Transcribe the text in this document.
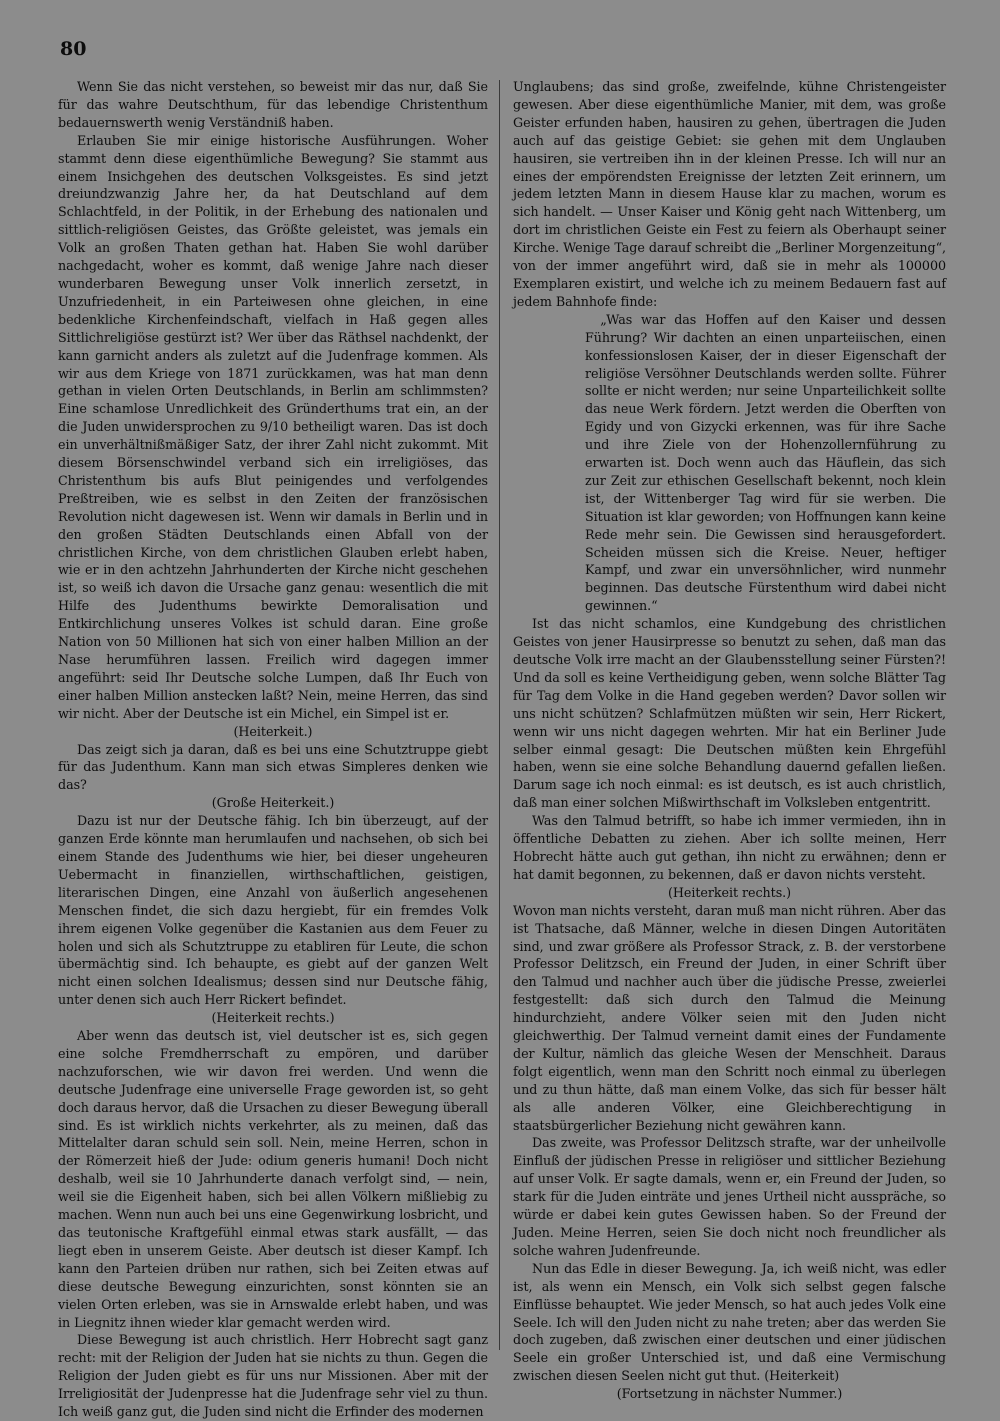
80

Wenn Sie das nicht verstehen, so beweist mir das nur, daß Sie für das wahre Deutschthum, für das lebendige Christenthum bedauernswerth wenig Verständniß haben.

Erlauben Sie mir einige historische Ausführungen. Woher stammt denn diese eigenthümliche Bewegung? Sie stammt aus einem Insichgehen des deutschen Volksgeistes. Es sind jetzt dreiundzwanzig Jahre her, da hat Deutschland auf dem Schlachtfeld, in der Politik, in der Erhebung des nationalen und sittlich-religiösen Geistes, das Größte geleistet, was jemals ein Volk an großen Thaten gethan hat. Haben Sie wohl darüber nachgedacht, woher es kommt, daß wenige Jahre nach dieser wunderbaren Bewegung unser Volk innerlich zersetzt, in Unzufriedenheit, in ein Parteiwesen ohne gleichen, in eine bedenkliche Kirchenfeindschaft, vielfach in Haß gegen alles Sittlichreligiöse gestürzt ist? Wer über das Räthsel nachdenkt, der kann garnicht anders als zuletzt auf die Judenfrage kommen. Als wir aus dem Kriege von 1871 zurückkamen, was hat man denn gethan in vielen Orten Deutschlands, in Berlin am schlimmsten? Eine schamlose Unredlichkeit des Gründerthums trat ein, an der die Juden unwidersprochen zu 9/10 betheiligt waren. Das ist doch ein unverhältnißmäßiger Satz, der ihrer Zahl nicht zukommt. Mit diesem Börsenschwindel verband sich ein irreligiöses, das Christenthum bis aufs Blut peinigendes und verfolgendes Preßtreiben, wie es selbst in den Zeiten der französischen Revolution nicht dagewesen ist. Wenn wir damals in Berlin und in den großen Städten Deutschlands einen Abfall von der christlichen Kirche, von dem christlichen Glauben erlebt haben, wie er in den achtzehn Jahrhunderten der Kirche nicht geschehen ist, so weiß ich davon die Ursache ganz genau: wesentlich die mit Hilfe des Judenthums bewirkte Demoralisation und Entkirchlichung unseres Volkes ist schuld daran. Eine große Nation von 50 Millionen hat sich von einer halben Million an der Nase herumführen lassen. Freilich wird dagegen immer angeführt: seid Ihr Deutsche solche Lumpen, daß Ihr Euch von einer halben Million anstecken laßt? Nein, meine Herren, das sind wir nicht. Aber der Deutsche ist ein Michel, ein Simpel ist er.

(Heiterkeit.)

Das zeigt sich ja daran, daß es bei uns eine Schutztruppe giebt für das Judenthum. Kann man sich etwas Simpleres denken wie das?

(Große Heiterkeit.)

Dazu ist nur der Deutsche fähig. Ich bin überzeugt, auf der ganzen Erde könnte man herumlaufen und nachsehen, ob sich bei einem Stande des Judenthums wie hier, bei dieser ungeheuren Uebermacht in finanziellen, wirthschaftlichen, geistigen, literarischen Dingen, eine Anzahl von äußerlich angesehenen Menschen findet, die sich dazu hergiebt, für ein fremdes Volk ihrem eigenen Volke gegenüber die Kastanien aus dem Feuer zu holen und sich als Schutztruppe zu etabliren für Leute, die schon übermächtig sind. Ich behaupte, es giebt auf der ganzen Welt nicht einen solchen Idealismus; dessen sind nur Deutsche fähig, unter denen sich auch Herr Rickert befindet.

(Heiterkeit rechts.)

Aber wenn das deutsch ist, viel deutscher ist es, sich gegen eine solche Fremdherrschaft zu empören, und darüber nachzuforschen, wie wir davon frei werden. Und wenn die deutsche Judenfrage eine universelle Frage geworden ist, so geht doch daraus hervor, daß die Ursachen zu dieser Bewegung überall sind. Es ist wirklich nichts verkehrter, als zu meinen, daß das Mittelalter daran schuld sein soll. Nein, meine Herren, schon in der Römerzeit hieß der Jude: odium generis humani! Doch nicht deshalb, weil sie 10 Jahrhunderte danach verfolgt sind, — nein, weil sie die Eigenheit haben, sich bei allen Völkern mißliebig zu machen. Wenn nun auch bei uns eine Gegenwirkung losbricht, und das teutonische Kraftgefühl einmal etwas stark ausfällt, — das liegt eben in unserem Geiste. Aber deutsch ist dieser Kampf. Ich kann den Parteien drüben nur rathen, sich bei Zeiten etwas auf diese deutsche Bewegung einzurichten, sonst könnten sie an vielen Orten erleben, was sie in Arnswalde erlebt haben, und was in Liegnitz ihnen wieder klar gemacht werden wird.

Diese Bewegung ist auch christlich. Herr Hobrecht sagt ganz recht: mit der Religion der Juden hat sie nichts zu thun. Gegen die Religion der Juden giebt es für uns nur Missionen. Aber mit der Irreligiosität der Judenpresse hat die Judenfrage sehr viel zu thun. Ich weiß ganz gut, die Juden sind nicht die Erfinder des modernen

Unglaubens; das sind große, zweifelnde, kühne Christengeister gewesen. Aber diese eigenthümliche Manier, mit dem, was große Geister erfunden haben, hausiren zu gehen, übertragen die Juden auch auf das geistige Gebiet: sie gehen mit dem Unglauben hausiren, sie vertreiben ihn in der kleinen Presse. Ich will nur an eines der empörendsten Ereignisse der letzten Zeit erinnern, um jedem letzten Mann in diesem Hause klar zu machen, worum es sich handelt. — Unser Kaiser und König geht nach Wittenberg, um dort im christlichen Geiste ein Fest zu feiern als Oberhaupt seiner Kirche. Wenige Tage darauf schreibt die „Berliner Morgenzeitung“, von der immer angeführt wird, daß sie in mehr als 100000 Exemplaren existirt, und welche ich zu meinem Bedauern fast auf jedem Bahnhofe finde:

„Was war das Hoffen auf den Kaiser und dessen Führung? Wir dachten an einen unparteiischen, einen konfessionslosen Kaiser, der in dieser Eigenschaft der religiöse Versöhner Deutschlands werden sollte. Führer sollte er nicht werden; nur seine Unparteilichkeit sollte das neue Werk fördern. Jetzt werden die Oberften von Egidy und von Gizycki erkennen, was für ihre Sache und ihre Ziele von der Hohenzollernführung zu erwarten ist. Doch wenn auch das Häuflein, das sich zur Zeit zur ethischen Gesellschaft bekennt, noch klein ist, der Wittenberger Tag wird für sie werben. Die Situation ist klar geworden; von Hoffnungen kann keine Rede mehr sein. Die Gewissen sind herausgefordert. Scheiden müssen sich die Kreise. Neuer, heftiger Kampf, und zwar ein unversöhnlicher, wird nunmehr beginnen. Das deutsche Fürstenthum wird dabei nicht gewinnen.“

Ist das nicht schamlos, eine Kundgebung des christlichen Geistes von jener Hausirpresse so benutzt zu sehen, daß man das deutsche Volk irre macht an der Glaubensstellung seiner Fürsten?! Und da soll es keine Vertheidigung geben, wenn solche Blätter Tag für Tag dem Volke in die Hand gegeben werden? Davor sollen wir uns nicht schützen? Schlafmützen müßten wir sein, Herr Rickert, wenn wir uns nicht dagegen wehrten. Mir hat ein Berliner Jude selber einmal gesagt: Die Deutschen müßten kein Ehrgefühl haben, wenn sie eine solche Behandlung dauernd gefallen ließen. Darum sage ich noch einmal: es ist deutsch, es ist auch christlich, daß man einer solchen Mißwirthschaft im Volksleben entgentritt.

Was den Talmud betrifft, so habe ich immer vermieden, ihn in öffentliche Debatten zu ziehen. Aber ich sollte meinen, Herr Hobrecht hätte auch gut gethan, ihn nicht zu erwähnen; denn er hat damit begonnen, zu bekennen, daß er davon nichts versteht.

(Heiterkeit rechts.)

Wovon man nichts versteht, daran muß man nicht rühren. Aber das ist Thatsache, daß Männer, welche in diesen Dingen Autoritäten sind, und zwar größere als Professor Strack, z. B. der verstorbene Professor Delitzsch, ein Freund der Juden, in einer Schrift über den Talmud und nachher auch über die jüdische Presse, zweierlei festgestellt: daß sich durch den Talmud die Meinung hindurchzieht, andere Völker seien mit den Juden nicht gleichwerthig. Der Talmud verneint damit eines der Fundamente der Kultur, nämlich das gleiche Wesen der Menschheit. Daraus folgt eigentlich, wenn man den Schritt noch einmal zu überlegen und zu thun hätte, daß man einem Volke, das sich für besser hält als alle anderen Völker, eine Gleichberechtigung in staatsbürgerlicher Beziehung nicht gewähren kann.

Das zweite, was Professor Delitzsch strafte, war der unheilvolle Einfluß der jüdischen Presse in religiöser und sittlicher Beziehung auf unser Volk. Er sagte damals, wenn er, ein Freund der Juden, so stark für die Juden einträte und jenes Urtheil nicht ausspräche, so würde er dabei kein gutes Gewissen haben. So der Freund der Juden. Meine Herren, seien Sie doch nicht noch freundlicher als solche wahren Judenfreunde.

Nun das Edle in dieser Bewegung. Ja, ich weiß nicht, was edler ist, als wenn ein Mensch, ein Volk sich selbst gegen falsche Einflüsse behauptet. Wie jeder Mensch, so hat auch jedes Volk eine Seele. Ich will den Juden nicht zu nahe treten; aber das werden Sie doch zugeben, daß zwischen einer deutschen und einer jüdischen Seele ein großer Unterschied ist, und daß eine Vermischung zwischen diesen Seelen nicht gut thut. (Heiterkeit)

(Fortsetzung in nächster Nummer.)
